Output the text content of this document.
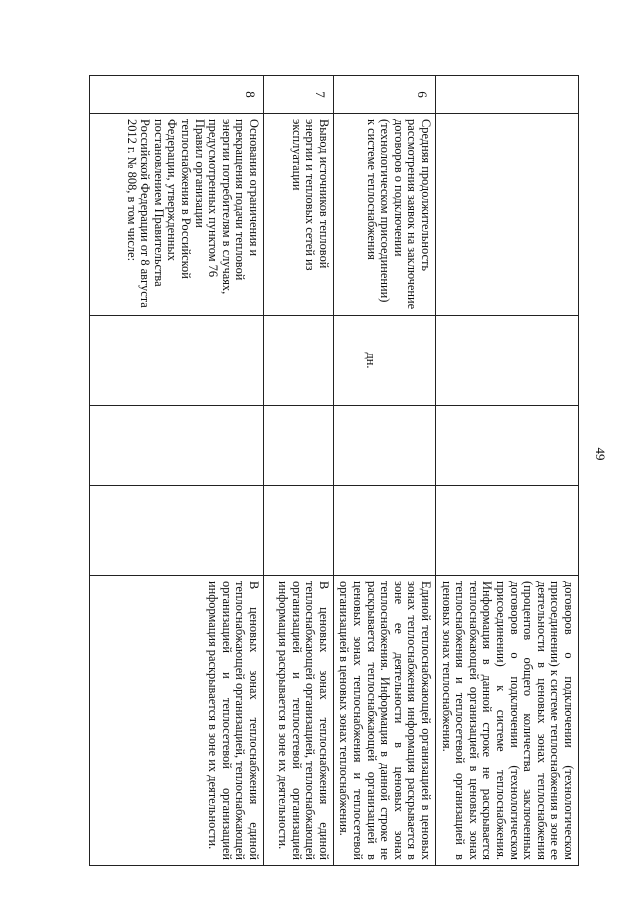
49
					договоров о подключении (технологическом присоединении) к системе теплоснабжения в зоне ее деятельности в ценовых зонах теплоснабжения (процентов общего количества заключенных договоров о подключении (технологическом присоединении) к системе теплоснабжения. Информация в данной строке не раскрывается теплоснабжающей организацией в ценовых зонах теплоснабжения и теплосетевой организацией в ценовых зонах теплоснабжения.
6	Средняя продолжительность рассмотрения заявок на заключение договоров о подключении (технологическом присоединении) к системе теплоснабжения	дн.			Единой теплоснабжающей организацией в ценовых зонах теплоснабжения информация раскрывается в зоне ее деятельности в ценовых зонах теплоснабжения. Информация в данной строке не раскрывается теплоснабжающей организацией в ценовых зонах теплоснабжения и теплосетевой организацией в ценовых зонах теплоснабжения.
7	Вывод источников тепловой энергии и тепловых сетей из эксплуатации				В ценовых зонах теплоснабжения единой теплоснабжающей организацией, теплоснабжающей организацией и теплосетевой организацией информация раскрывается в зоне их деятельности.
8	Основания ограничения и прекращения подачи тепловой энергии потребителям в случаях, предусмотренных пунктом 76 Правил организации теплоснабжения в Российской Федерации, утвержденных постановлением Правительства Российской Федерации от 8 августа 2012 г. № 808, в том числе:				В ценовых зонах теплоснабжения единой теплоснабжающей организацией, теплоснабжающей организацией и теплосетевой организацией информация раскрывается в зоне их деятельности.
